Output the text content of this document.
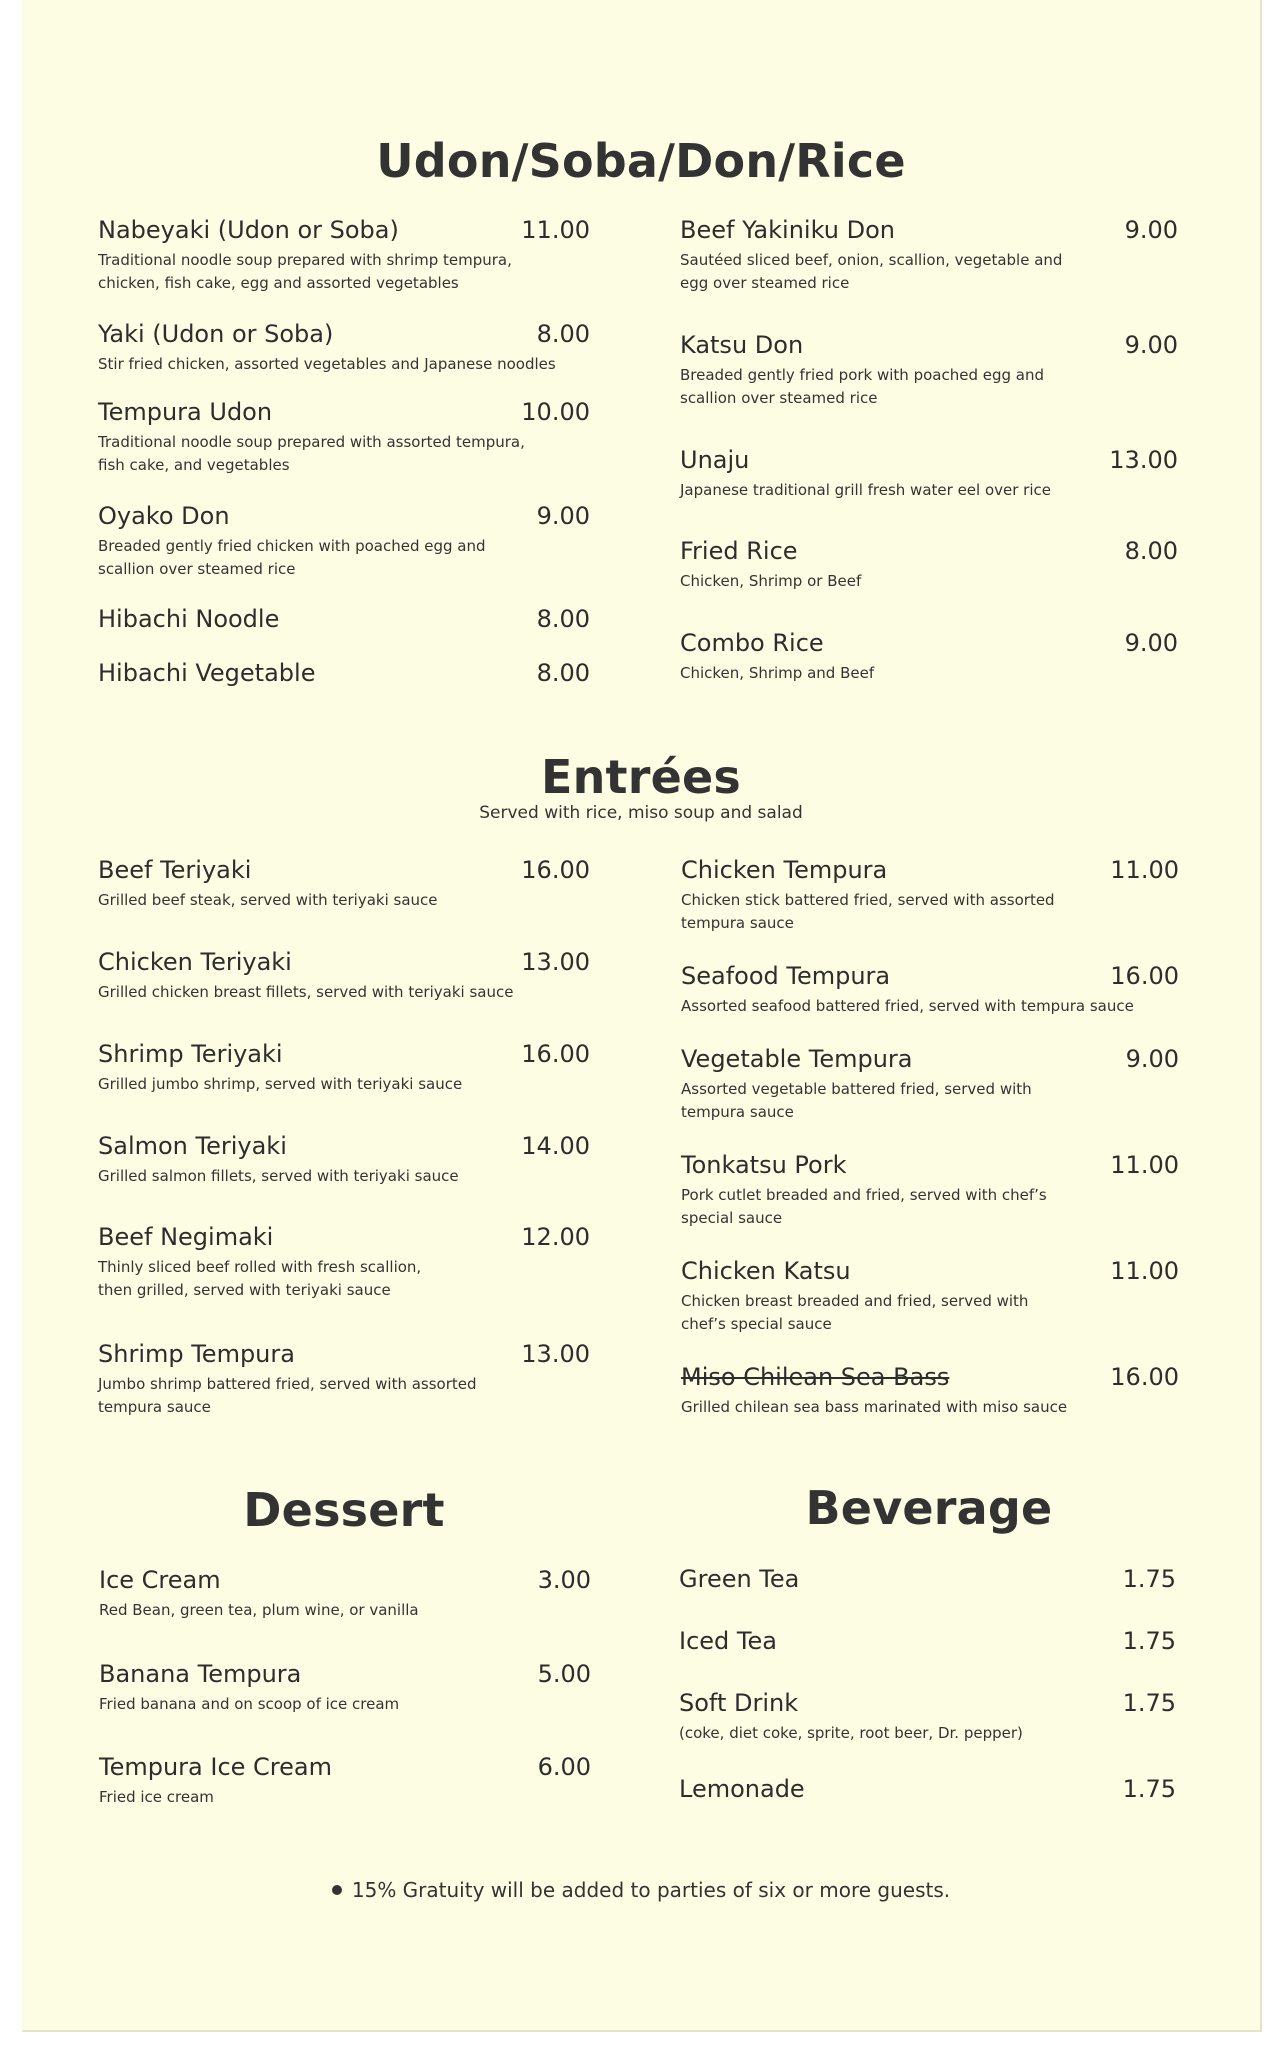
Udon/Soba/Don/Rice
Nabeyaki (Udon or Soba)	11.00
Traditional noodle soup prepared with shrimp tempura,
chicken, fish cake, egg and assorted vegetables
Yaki (Udon or Soba)	8.00
Stir fried chicken, assorted vegetables and Japanese noodles
Tempura Udon	10.00
Traditional noodle soup prepared with assorted tempura,
fish cake, and vegetables
Oyako Don	9.00
Breaded gently fried chicken with poached egg and
scallion over steamed rice
Hibachi Noodle	8.00
Hibachi Vegetable	8.00
Beef Yakiniku Don	9.00
Sautéed sliced beef, onion, scallion, vegetable and
egg over steamed rice
Katsu Don	9.00
Breaded gently fried pork with poached egg and
scallion over steamed rice
Unaju	13.00
Japanese traditional grill fresh water eel over rice
Fried Rice	8.00
Chicken, Shrimp or Beef
Combo Rice	9.00
Chicken, Shrimp and Beef
Entrées
Served with rice, miso soup and salad
Beef Teriyaki	16.00
Grilled beef steak, served with teriyaki sauce
Chicken Teriyaki	13.00
Grilled chicken breast fillets, served with teriyaki sauce
Shrimp Teriyaki	16.00
Grilled jumbo shrimp, served with teriyaki sauce
Salmon Teriyaki	14.00
Grilled salmon fillets, served with teriyaki sauce
Beef Negimaki	12.00
Thinly sliced beef rolled with fresh scallion,
then grilled, served with teriyaki sauce
Shrimp Tempura	13.00
Jumbo shrimp battered fried, served with assorted
tempura sauce
Chicken Tempura	11.00
Chicken stick battered fried, served with assorted
tempura sauce
Seafood Tempura	16.00
Assorted seafood battered fried, served with tempura sauce
Vegetable Tempura	9.00
Assorted vegetable battered fried, served with
tempura sauce
Tonkatsu Pork	11.00
Pork cutlet breaded and fried, served with chef’s
special sauce
Chicken Katsu	11.00
Chicken breast breaded and fried, served with
chef’s special sauce
Miso Chilean Sea Bass	16.00
Grilled chilean sea bass marinated with miso sauce
Dessert
Ice Cream	3.00
Red Bean, green tea, plum wine, or vanilla
Banana Tempura	5.00
Fried banana and on scoop of ice cream
Tempura Ice Cream	6.00
Fried ice cream
Beverage
Green Tea	1.75
Iced Tea	1.75
Soft Drink	1.75
(coke, diet coke, sprite, root beer, Dr. pepper)
Lemonade	1.75
15% Gratuity will be added to parties of six or more guests.
